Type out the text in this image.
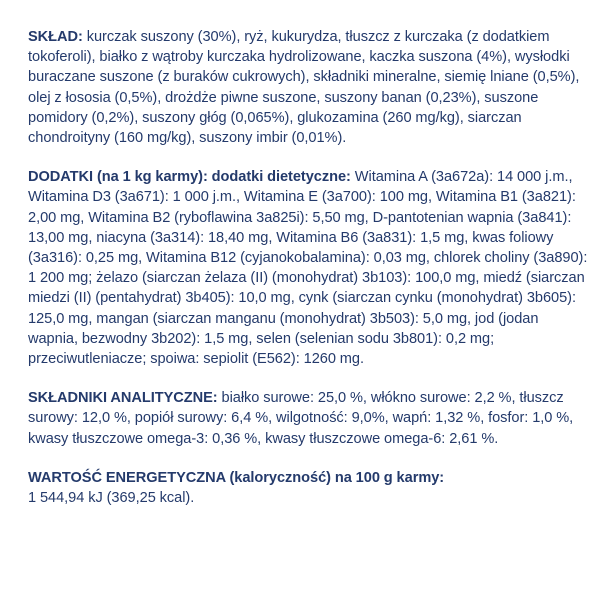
SKŁAD: kurczak suszony (30%), ryż, kukurydza, tłuszcz z kurczaka (z dodatkiem tokoferoli), białko z wątroby kurczaka hydrolizowane, kaczka suszona (4%), wysłodki buraczane suszone (z buraków cukrowych), składniki mineralne, siemię lniane (0,5%), olej z łososia (0,5%), drożdże piwne suszone, suszony banan (0,23%), suszone pomidory (0,2%), suszony głóg (0,065%), glukozamina (260 mg/kg), siarczan chondroityny (160 mg/kg), suszony imbir (0,01%).

DODATKI (na 1 kg karmy): dodatki dietetyczne: Witamina A (3a672a): 14 000 j.m., Witamina D3 (3a671): 1 000 j.m., Witamina E (3a700): 100 mg, Witamina B1 (3a821): 2,00 mg, Witamina B2 (ryboflawina 3a825i): 5,50 mg, D-pantotenian wapnia (3a841): 13,00 mg, niacyna (3a314): 18,40 mg, Witamina B6 (3a831): 1,5 mg, kwas foliowy (3a316): 0,25 mg, Witamina B12 (cyjanokobalamina): 0,03 mg, chlorek choliny (3a890): 1 200 mg; żelazo (siarczan żelaza (II) (monohydrat) 3b103): 100,0 mg, miedź (siarczan miedzi (II) (pentahydrat) 3b405): 10,0 mg, cynk (siarczan cynku (monohydrat) 3b605): 125,0 mg, mangan (siarczan manganu (monohydrat) 3b503): 5,0 mg, jod (jodan wapnia, bezwodny 3b202): 1,5 mg, selen (selenian sodu 3b801): 0,2 mg; przeciwutleniacze; spoiwa: sepiolit (E562): 1260 mg.

SKŁADNIKI ANALITYCZNE: białko surowe: 25,0 %, włókno surowe: 2,2 %, tłuszcz surowy: 12,0 %, popiół surowy: 6,4 %, wilgotność: 9,0%, wapń: 1,32 %, fosfor: 1,0 %, kwasy tłuszczowe omega-3: 0,36 %, kwasy tłuszczowe omega-6: 2,61 %.

WARTOŚĆ ENERGETYCZNA (kaloryczność) na 100 g karmy:
1 544,94 kJ (369,25 kcal).
